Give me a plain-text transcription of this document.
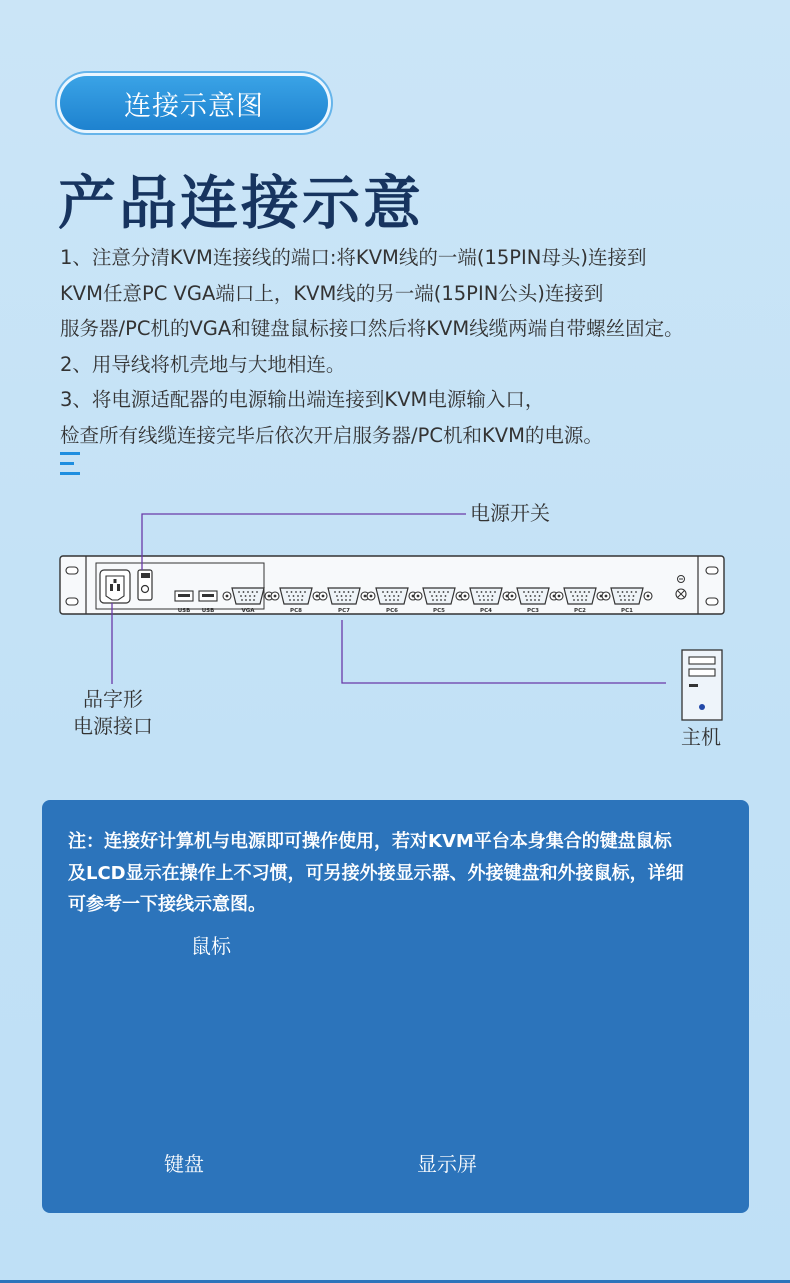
连接示意图
产品连接示意

1、注意分清KVM连接线的端口:将KVM线的一端(15PIN母头)连接到

KVM任意PC VGA端口上，KVM线的另一端(15PIN公头)连接到

服务器/PC机的VGA和键盘鼠标接口然后将KVM线缆两端自带螺丝固定。

2、用导线将机壳地与大地相连。

3、将电源适配器的电源输出端连接到KVM电源输入口，

检查所有线缆连接完毕后依次开启服务器/PC机和KVM的电源。

USB USB	VGA	PC8	PC7	PC6	PC5	PC4	PC3	PC2	PC1
电源开关
品字形
电源接口	主机
注：连接好计算机与电源即可操作使用，若对KVM平台本身集合的键盘鼠标
及LCD显示在操作上不习惯，可另接外接显示器、外接键盘和外接鼠标，详细
可参考一下接线示意图。
鼠标
键盘	显示屏
